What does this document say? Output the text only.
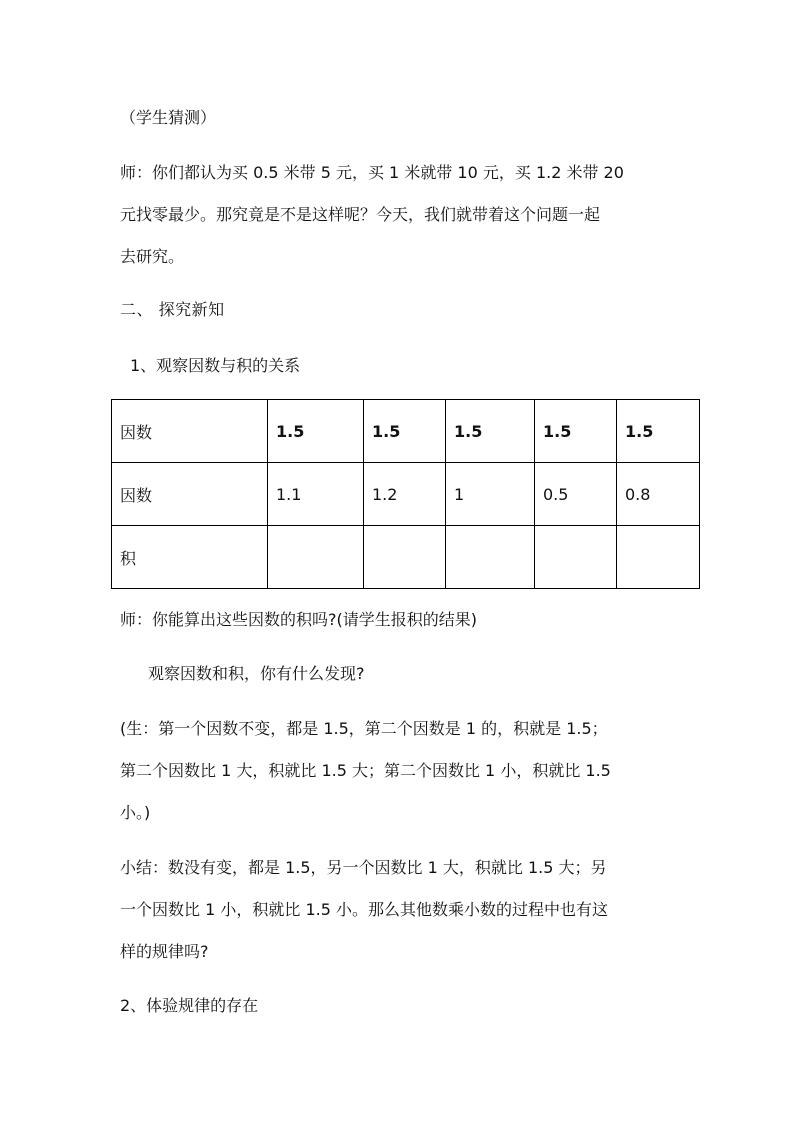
（学生猜测）
师：你们都认为买 0.5 米带 5 元，买 1 米就带 10 元，买 1.2 米带 20
元找零最少。那究竟是不是这样呢？今天，我们就带着这个问题一起
去研究。
二、 探究新知
1、观察因数与积的关系
因数	1.5	1.5	1.5	1.5	1.5
因数	1.1	1.2	1	0.5	0.8
积					
师：你能算出这些因数的积吗?(请学生报积的结果)
观察因数和积，你有什么发现?
(生：第一个因数不变，都是 1.5，第二个因数是 1 的，积就是 1.5；
第二个因数比 1 大，积就比 1.5 大；第二个因数比 1 小，积就比 1.5
小。)
小结：数没有变，都是 1.5，另一个因数比 1 大，积就比 1.5 大；另
一个因数比 1 小，积就比 1.5 小。那么其他数乘小数的过程中也有这
样的规律吗?
2、体验规律的存在
